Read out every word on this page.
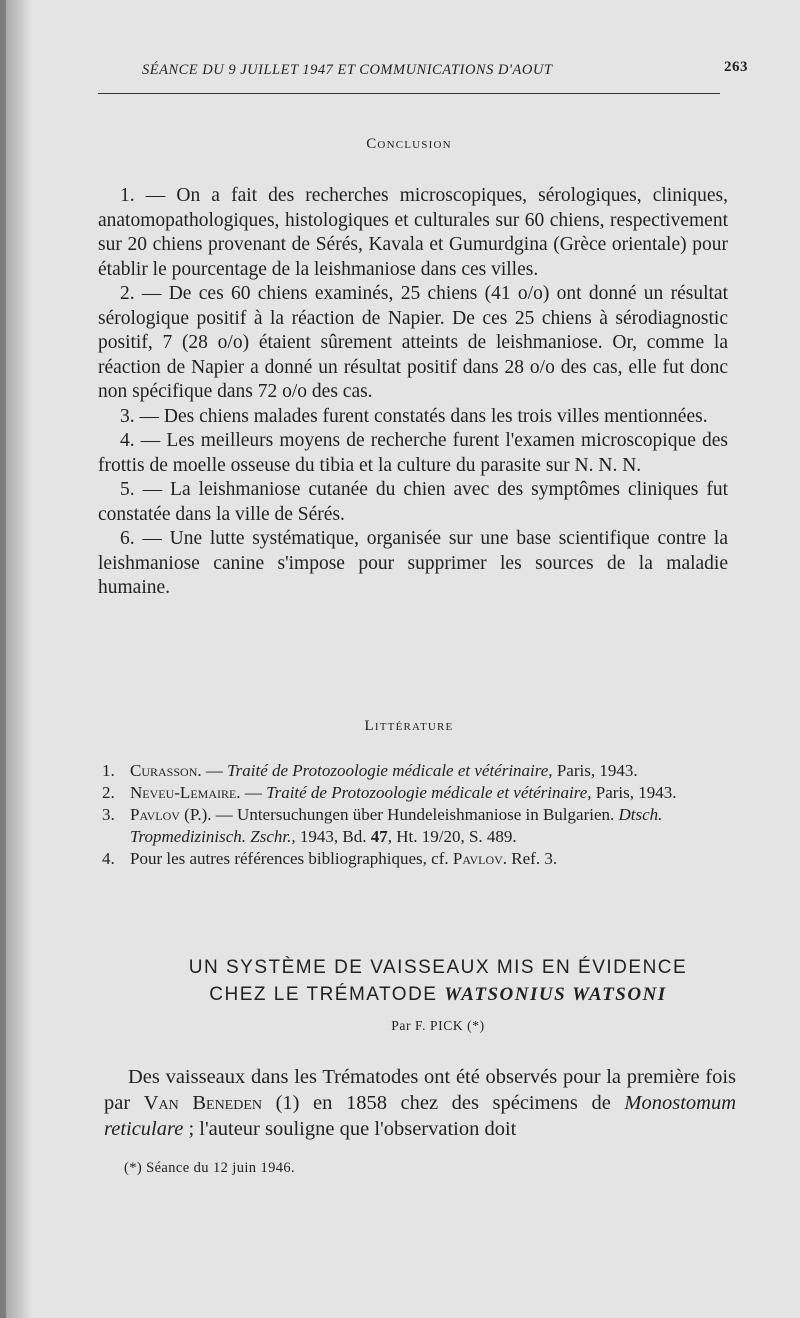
SÉANCE DU 9 JUILLET 1947 ET COMMUNICATIONS D'AOUT	263
Conclusion

1. — On a fait des recherches microscopiques, sérologiques, cliniques, anatomopathologiques, histologiques et culturales sur 60 chiens, respectivement sur 20 chiens provenant de Sérés, Kavala et Gumurdgina (Grèce orientale) pour établir le pourcentage de la leishmaniose dans ces villes.

2. — De ces 60 chiens examinés, 25 chiens (41 o/o) ont donné un résultat sérologique positif à la réaction de Napier. De ces 25 chiens à sérodiagnostic positif, 7 (28 o/o) étaient sûrement atteints de leishmaniose. Or, comme la réaction de Napier a donné un résultat positif dans 28 o/o des cas, elle fut donc non spécifique dans 72 o/o des cas.

3. — Des chiens malades furent constatés dans les trois villes mentionnées.

4. — Les meilleurs moyens de recherche furent l'examen microscopique des frottis de moelle osseuse du tibia et la culture du parasite sur N. N. N.

5. — La leishmaniose cutanée du chien avec des symptômes cliniques fut constatée dans la ville de Sérés.

6. — Une lutte systématique, organisée sur une base scientifique contre la leishmaniose canine s'impose pour supprimer les sources de la maladie humaine.

Littérature
1. Curasson. — Traité de Protozoologie médicale et vétérinaire, Paris, 1943.
2. Neveu-Lemaire. — Traité de Protozoologie médicale et vétérinaire, Paris, 1943.
3. Pavlov (P.). — Untersuchungen über Hundeleishmaniose in Bulgarien. Dtsch. Tropmedizinisch. Zschr., 1943, Bd. 47, Ht. 19/20, S. 489.
4. Pour les autres références bibliographiques, cf. Pavlov. Ref. 3.
UN SYSTÈME DE VAISSEAUX MIS EN ÉVIDENCE
CHEZ LE TRÉMATODE WATSONIUS WATSONI
Par F. PICK (*)

Des vaisseaux dans les Trématodes ont été observés pour la première fois par Van Beneden (1) en 1858 chez des spécimens de Monostomum reticulare ; l'auteur souligne que l'observation doit

(*) Séance du 12 juin 1946.
